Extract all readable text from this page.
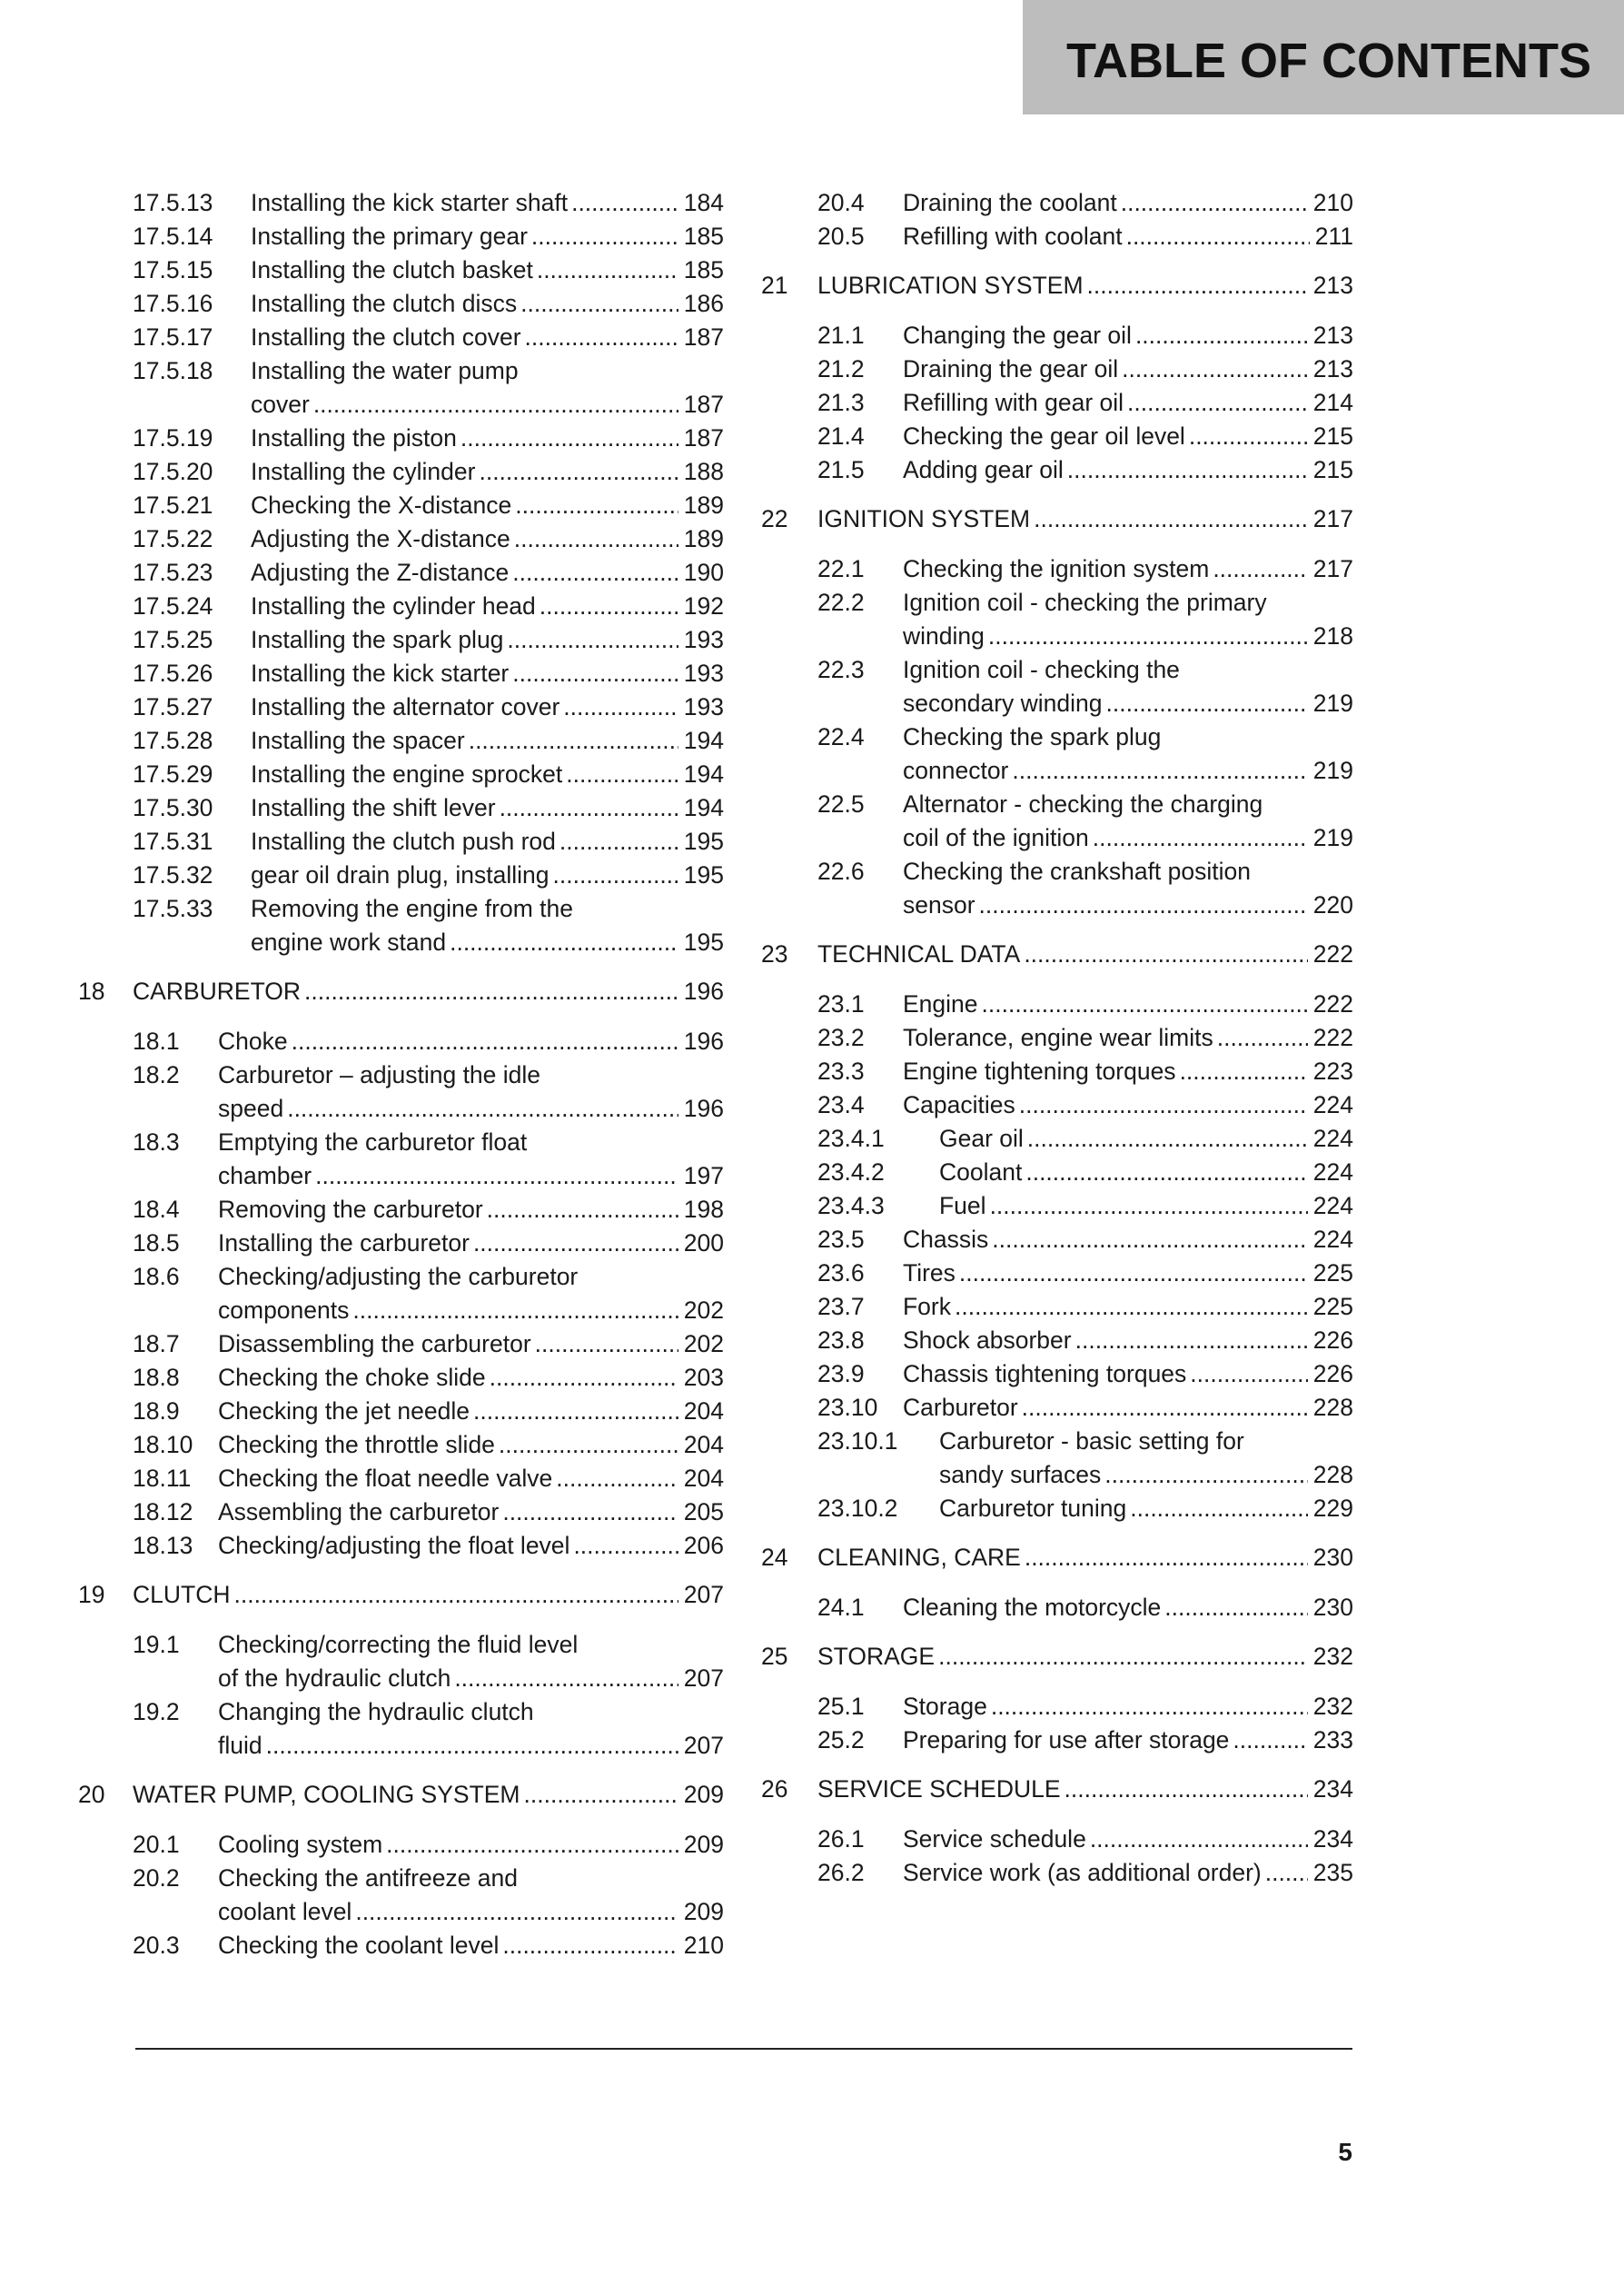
TABLE OF CONTENTS
17.5.13 Installing the kick starter shaft .....	184
17.5.14 Installing the primary gear .....	185
17.5.15 Installing the clutch basket .....	185
17.5.16 Installing the clutch discs .....	186
17.5.17 Installing the clutch cover .....	187
17.5.18 Installing the water pump
cover .....	187
17.5.19 Installing the piston .....	187
17.5.20 Installing the cylinder .....	188
17.5.21 Checking the X-distance .....	189
17.5.22 Adjusting the X-distance .....	189
17.5.23 Adjusting the Z-distance .....	190
17.5.24 Installing the cylinder head .....	192
17.5.25 Installing the spark plug .....	193
17.5.26 Installing the kick starter .....	193
17.5.27 Installing the alternator cover .....	193
17.5.28 Installing the spacer .....	194
17.5.29 Installing the engine sprocket .....	194
17.5.30 Installing the shift lever .....	194
17.5.31 Installing the clutch push rod .....	195
17.5.32 gear oil drain plug, installing .....	195
17.5.33 Removing the engine from the
engine work stand .....	195
18 CARBURETOR .....	196
18.1 Choke .....	196
18.2 Carburetor – adjusting the idle
speed .....	196
18.3 Emptying the carburetor float
chamber .....	197
18.4 Removing the carburetor .....	198
18.5 Installing the carburetor .....	200
18.6 Checking/adjusting the carburetor
components .....	202
18.7 Disassembling the carburetor .....	202
18.8 Checking the choke slide .....	203
18.9 Checking the jet needle .....	204
18.10 Checking the throttle slide .....	204
18.11 Checking the float needle valve .....	204
18.12 Assembling the carburetor .....	205
18.13 Checking/adjusting the float level .....	206
19 CLUTCH .....	207
19.1 Checking/correcting the fluid level
of the hydraulic clutch .....	207
19.2 Changing the hydraulic clutch
fluid .....	207
20 WATER PUMP, COOLING SYSTEM .....	209
20.1 Cooling system .....	209
20.2 Checking the antifreeze and
coolant level .....	209
20.3 Checking the coolant level .....	210
20.4 Draining the coolant .....	210
20.5 Refilling with coolant .....	211
21 LUBRICATION SYSTEM .....	213
21.1 Changing the gear oil .....	213
21.2 Draining the gear oil .....	213
21.3 Refilling with gear oil .....	214
21.4 Checking the gear oil level .....	215
21.5 Adding gear oil .....	215
22 IGNITION SYSTEM .....	217
22.1 Checking the ignition system .....	217
22.2 Ignition coil - checking the primary
winding .....	218
22.3 Ignition coil - checking the
secondary winding .....	219
22.4 Checking the spark plug
connector .....	219
22.5 Alternator - checking the charging
coil of the ignition .....	219
22.6 Checking the crankshaft position
sensor .....	220
23 TECHNICAL DATA .....	222
23.1 Engine .....	222
23.2 Tolerance, engine wear limits .....	222
23.3 Engine tightening torques .....	223
23.4 Capacities .....	224
23.4.1 Gear oil .....	224
23.4.2 Coolant .....	224
23.4.3 Fuel .....	224
23.5 Chassis .....	224
23.6 Tires .....	225
23.7 Fork .....	225
23.8 Shock absorber .....	226
23.9 Chassis tightening torques .....	226
23.10 Carburetor .....	228
23.10.1 Carburetor - basic setting for
sandy surfaces .....	228
23.10.2 Carburetor tuning .....	229
24 CLEANING, CARE .....	230
24.1 Cleaning the motorcycle .....	230
25 STORAGE .....	232
25.1 Storage .....	232
25.2 Preparing for use after storage .....	233
26 SERVICE SCHEDULE .....	234
26.1 Service schedule .....	234
26.2 Service work (as additional order) ..... 235
5
